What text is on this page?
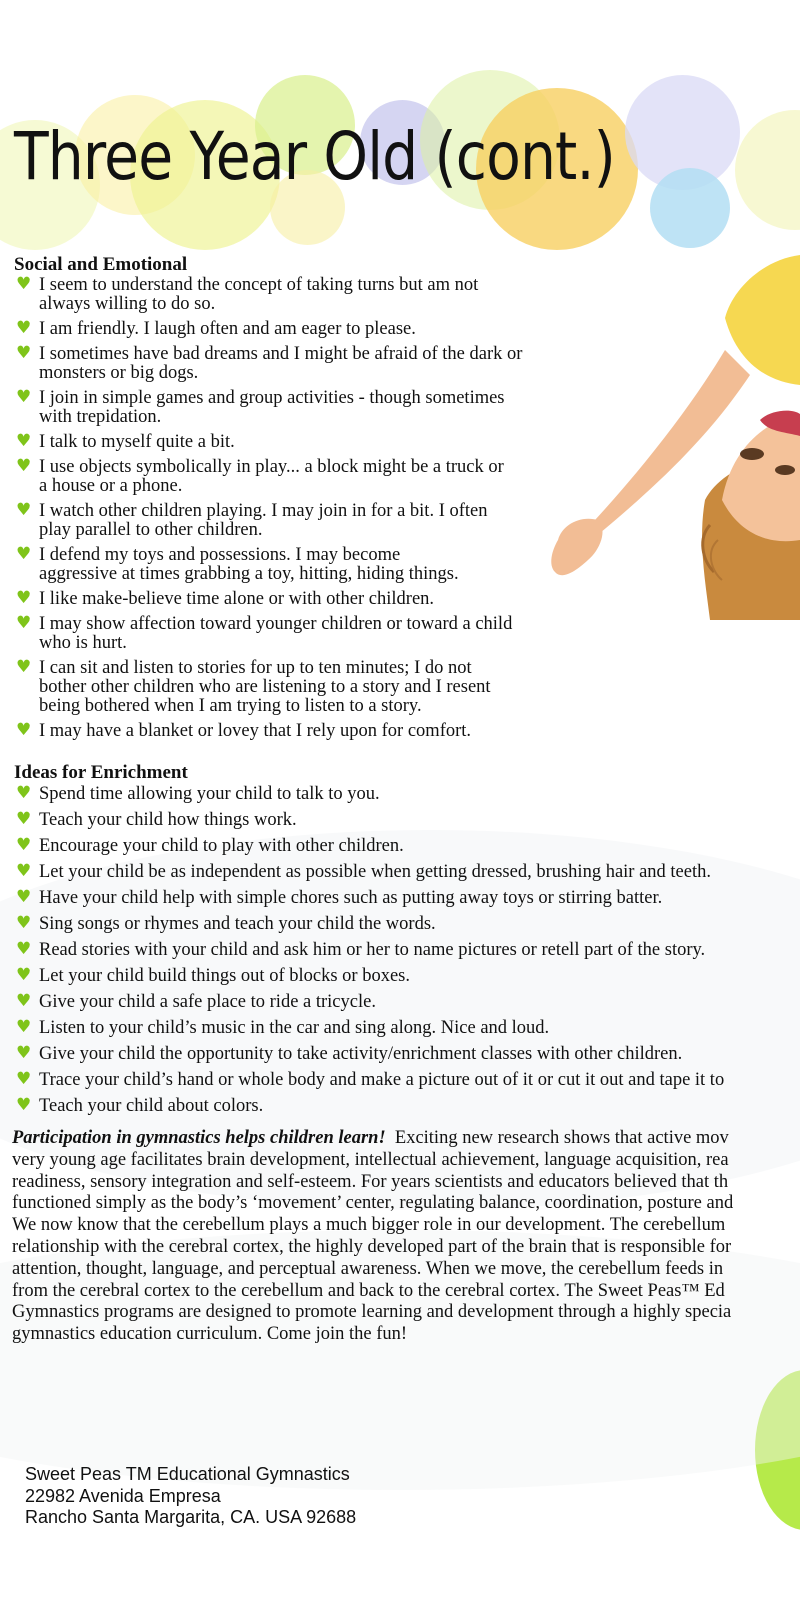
Three Year Old (cont.)
Social and Emotional
♥ I seem to understand the concept of taking turns but am not
always willing to do so.
♥ I am friendly. I laugh often and am eager to please.
♥ I sometimes have bad dreams and I might be afraid of the dark or
monsters or big dogs.
♥ I join in simple games and group activities - though sometimes
with trepidation.
♥ I talk to myself quite a bit.
♥ I use objects symbolically in play... a block might be a truck or
a house or a phone.
♥ I watch other children playing. I may join in for a bit. I often
play parallel to other children.
♥ I defend my toys and possessions. I may become
aggressive at times grabbing a toy, hitting, hiding things.
♥ I like make-believe time alone or with other children.
♥ I may show affection toward younger children or toward a child
who is hurt.
♥ I can sit and listen to stories for up to ten minutes; I do not
bother other children who are listening to a story and I resent
being bothered when I am trying to listen to a story.
♥ I may have a blanket or lovey that I rely upon for comfort.
Ideas for Enrichment
♥ Spend time allowing your child to talk to you.
♥ Teach your child how things work.
♥ Encourage your child to play with other children.
♥ Let your child be as independent as possible when getting dressed, brushing hair and teeth.
♥ Have your child help with simple chores such as putting away toys or stirring batter.
♥ Sing songs or rhymes and teach your child the words.
♥ Read stories with your child and ask him or her to name pictures or retell part of the story.
♥ Let your child build things out of blocks or boxes.
♥ Give your child a safe place to ride a tricycle.
♥ Listen to your child’s music in the car and sing along. Nice and loud.
♥ Give your child the opportunity to take activity/enrichment classes with other children.
♥ Trace your child’s hand or whole body and make a picture out of it or cut it out and tape it to
♥ Teach your child about colors.

Participation in gymnastics helps children learn! Exciting new research shows that active mov
very young age facilitates brain development, intellectual achievement, language acquisition, rea
readiness, sensory integration and self-esteem. For years scientists and educators believed that th
functioned simply as the body’s ‘movement’ center, regulating balance, coordination, posture and
We now know that the cerebellum plays a much bigger role in our development. The cerebellum
relationship with the cerebral cortex, the highly developed part of the brain that is responsible for
attention, thought, language, and perceptual awareness. When we move, the cerebellum feeds in
from the cerebral cortex to the cerebellum and back to the cerebral cortex. The Sweet Peas™ Ed
Gymnastics programs are designed to promote learning and development through a highly specia
gymnastics education curriculum. Come join the fun!

Sweet Peas TM Educational Gymnastics
22982 Avenida Empresa
Rancho Santa Margarita, CA. USA 92688
